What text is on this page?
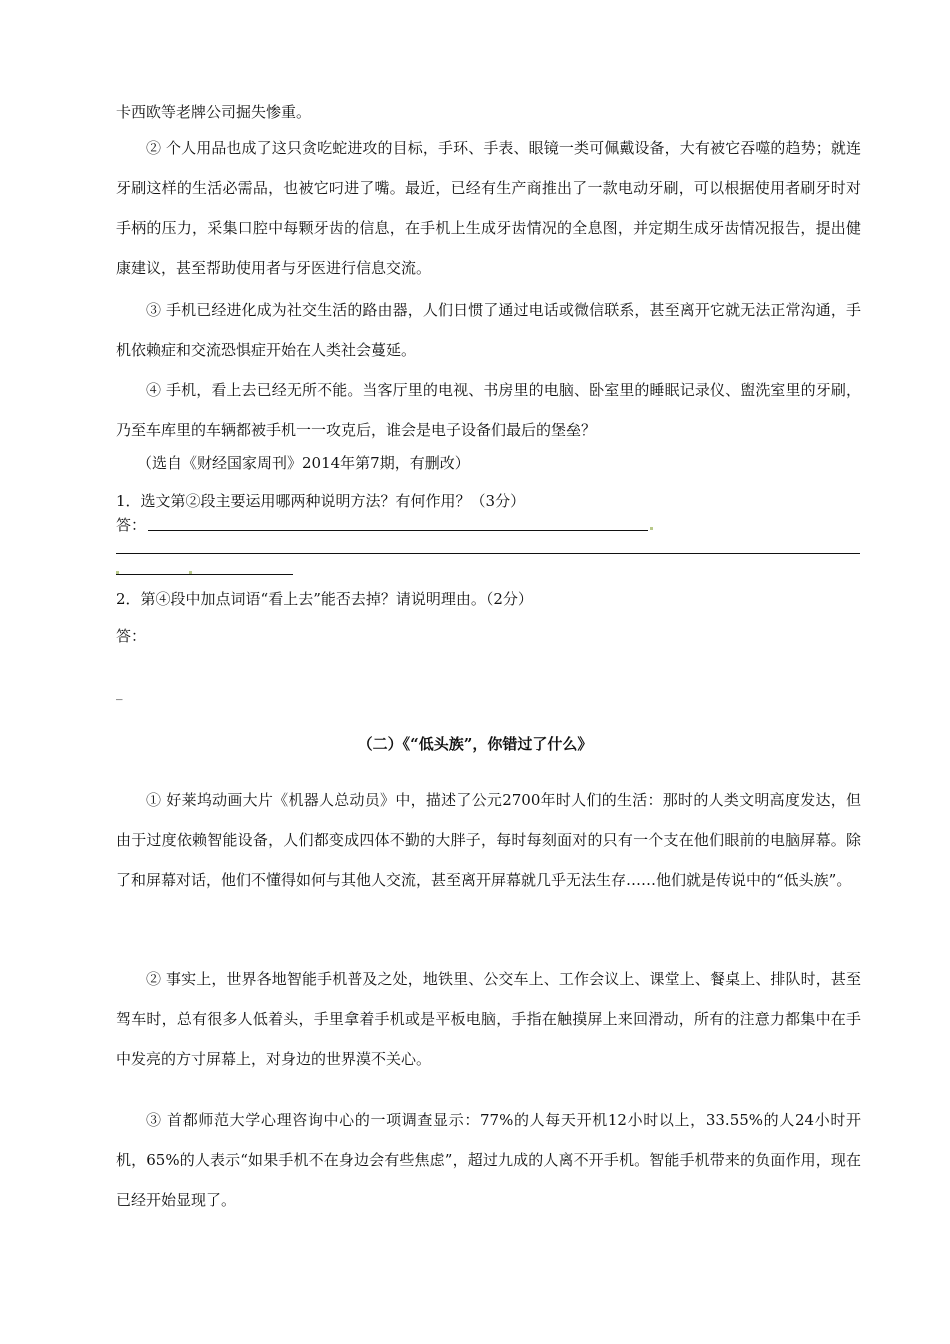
卡西欧等老牌公司掘失惨重。

② 个人用品也成了这只贪吃蛇进攻的目标，手环、手表、眼镜一类可佩戴设备，大有被它吞噬的趋势；就连牙刷这样的生活必需品，也被它叼进了嘴。最近，已经有生产商推出了一款电动牙刷，可以根据使用者刷牙时对手柄的压力，采集口腔中每颗牙齿的信息，在手机上生成牙齿情况的全息图，并定期生成牙齿情况报告，提出健康建议，甚至帮助使用者与牙医进行信息交流。

③ 手机已经进化成为社交生活的路由器，人们日惯了通过电话或微信联系，甚至离开它就无法正常沟通，手机依赖症和交流恐惧症开始在人类社会蔓延。

④ 手机，看上去已经无所不能。当客厅里的电视、书房里的电脑、卧室里的睡眠记录仪、盥洗室里的牙刷，乃至车库里的车辆都被手机一一攻克后，谁会是电子设备们最后的堡垒？

（选自《财经国家周刊》2014年第7期，有删改）
1．选文第②段主要运用哪两种说明方法？有何作用？（3分）
答：
2．第④段中加点词语“看上去”能否去掉？请说明理由。（2分）
答：
_
（二）《“低头族”，你错过了什么》

① 好莱坞动画大片《机器人总动员》中，描述了公元2700年时人们的生活：那时的人类文明高度发达，但由于过度依赖智能设备，人们都变成四体不勤的大胖子，每时每刻面对的只有一个支在他们眼前的电脑屏幕。除了和屏幕对话，他们不懂得如何与其他人交流，甚至离开屏幕就几乎无法生存……他们就是传说中的“低头族”。

② 事实上，世界各地智能手机普及之处，地铁里、公交车上、工作会议上、课堂上、餐桌上、排队时，甚至驾车时，总有很多人低着头，手里拿着手机或是平板电脑，手指在触摸屏上来回滑动，所有的注意力都集中在手中发亮的方寸屏幕上，对身边的世界漠不关心。

③ 首都师范大学心理咨询中心的一项调查显示：77%的人每天开机12小时以上，33.55%的人24小时开机，65%的人表示“如果手机不在身边会有些焦虑”，超过九成的人离不开手机。智能手机带来的负面作用，现在已经开始显现了。
